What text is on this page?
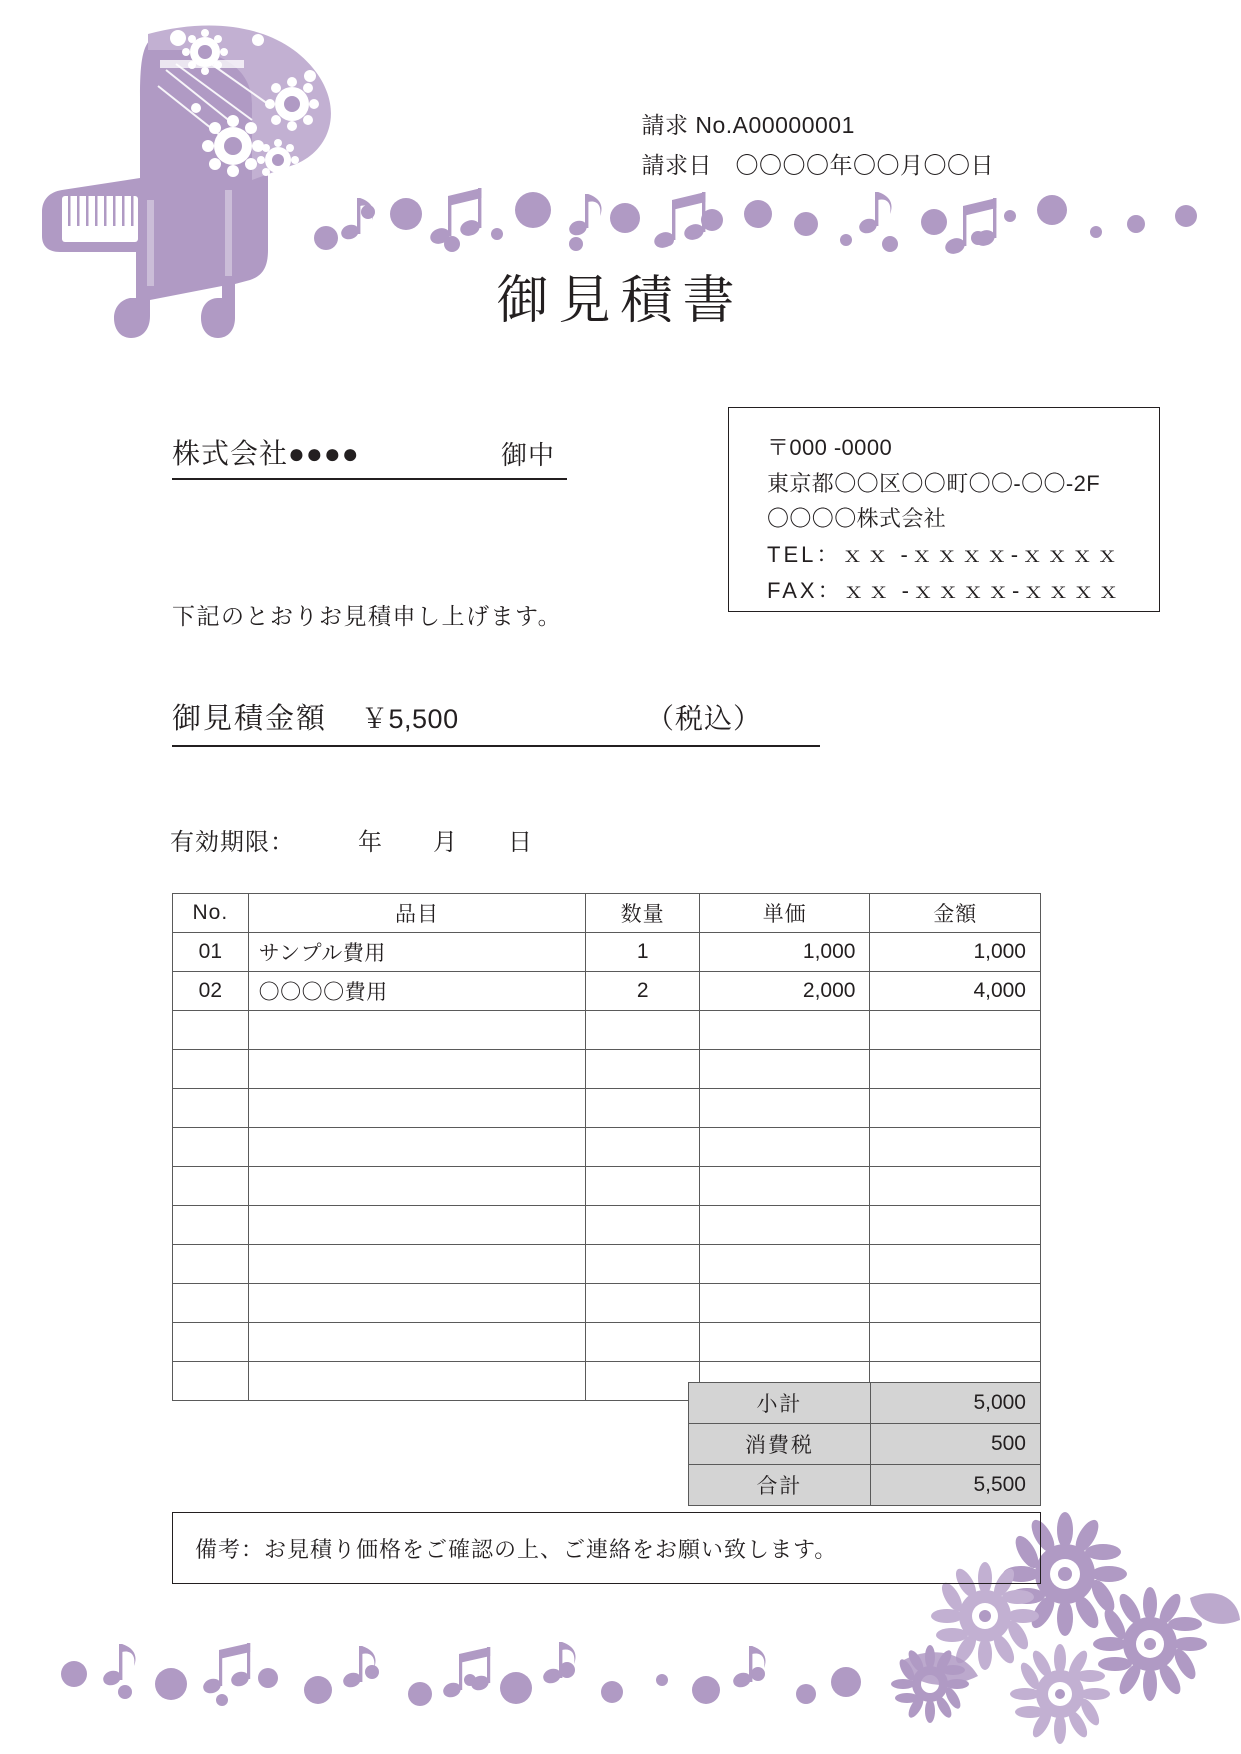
請求 No.A00000001
請求日　〇〇〇〇年〇〇月〇〇日
御見積書
株式会社●●●●	御中	〒000 -0000
東京都〇〇区〇〇町〇〇-〇〇-2F
〇〇〇〇株式会社
TEL：ｘｘ -ｘｘｘｘ-ｘｘｘｘ
FAX：ｘｘ -ｘｘｘｘ-ｘｘｘｘ
下記のとおりお見積申し上げます。
御見積金額 ￥5,500	（税込）
有効期限：　　　年　　月　　日
No.	品目	数量	単価	金額
01	サンプル費用	1	1,000	1,000
02	〇〇〇〇費用	2	2,000	4,000

小計	5,000
消費税	500
合計	5,500
備考：お見積り価格をご確認の上、ご連絡をお願い致します。
